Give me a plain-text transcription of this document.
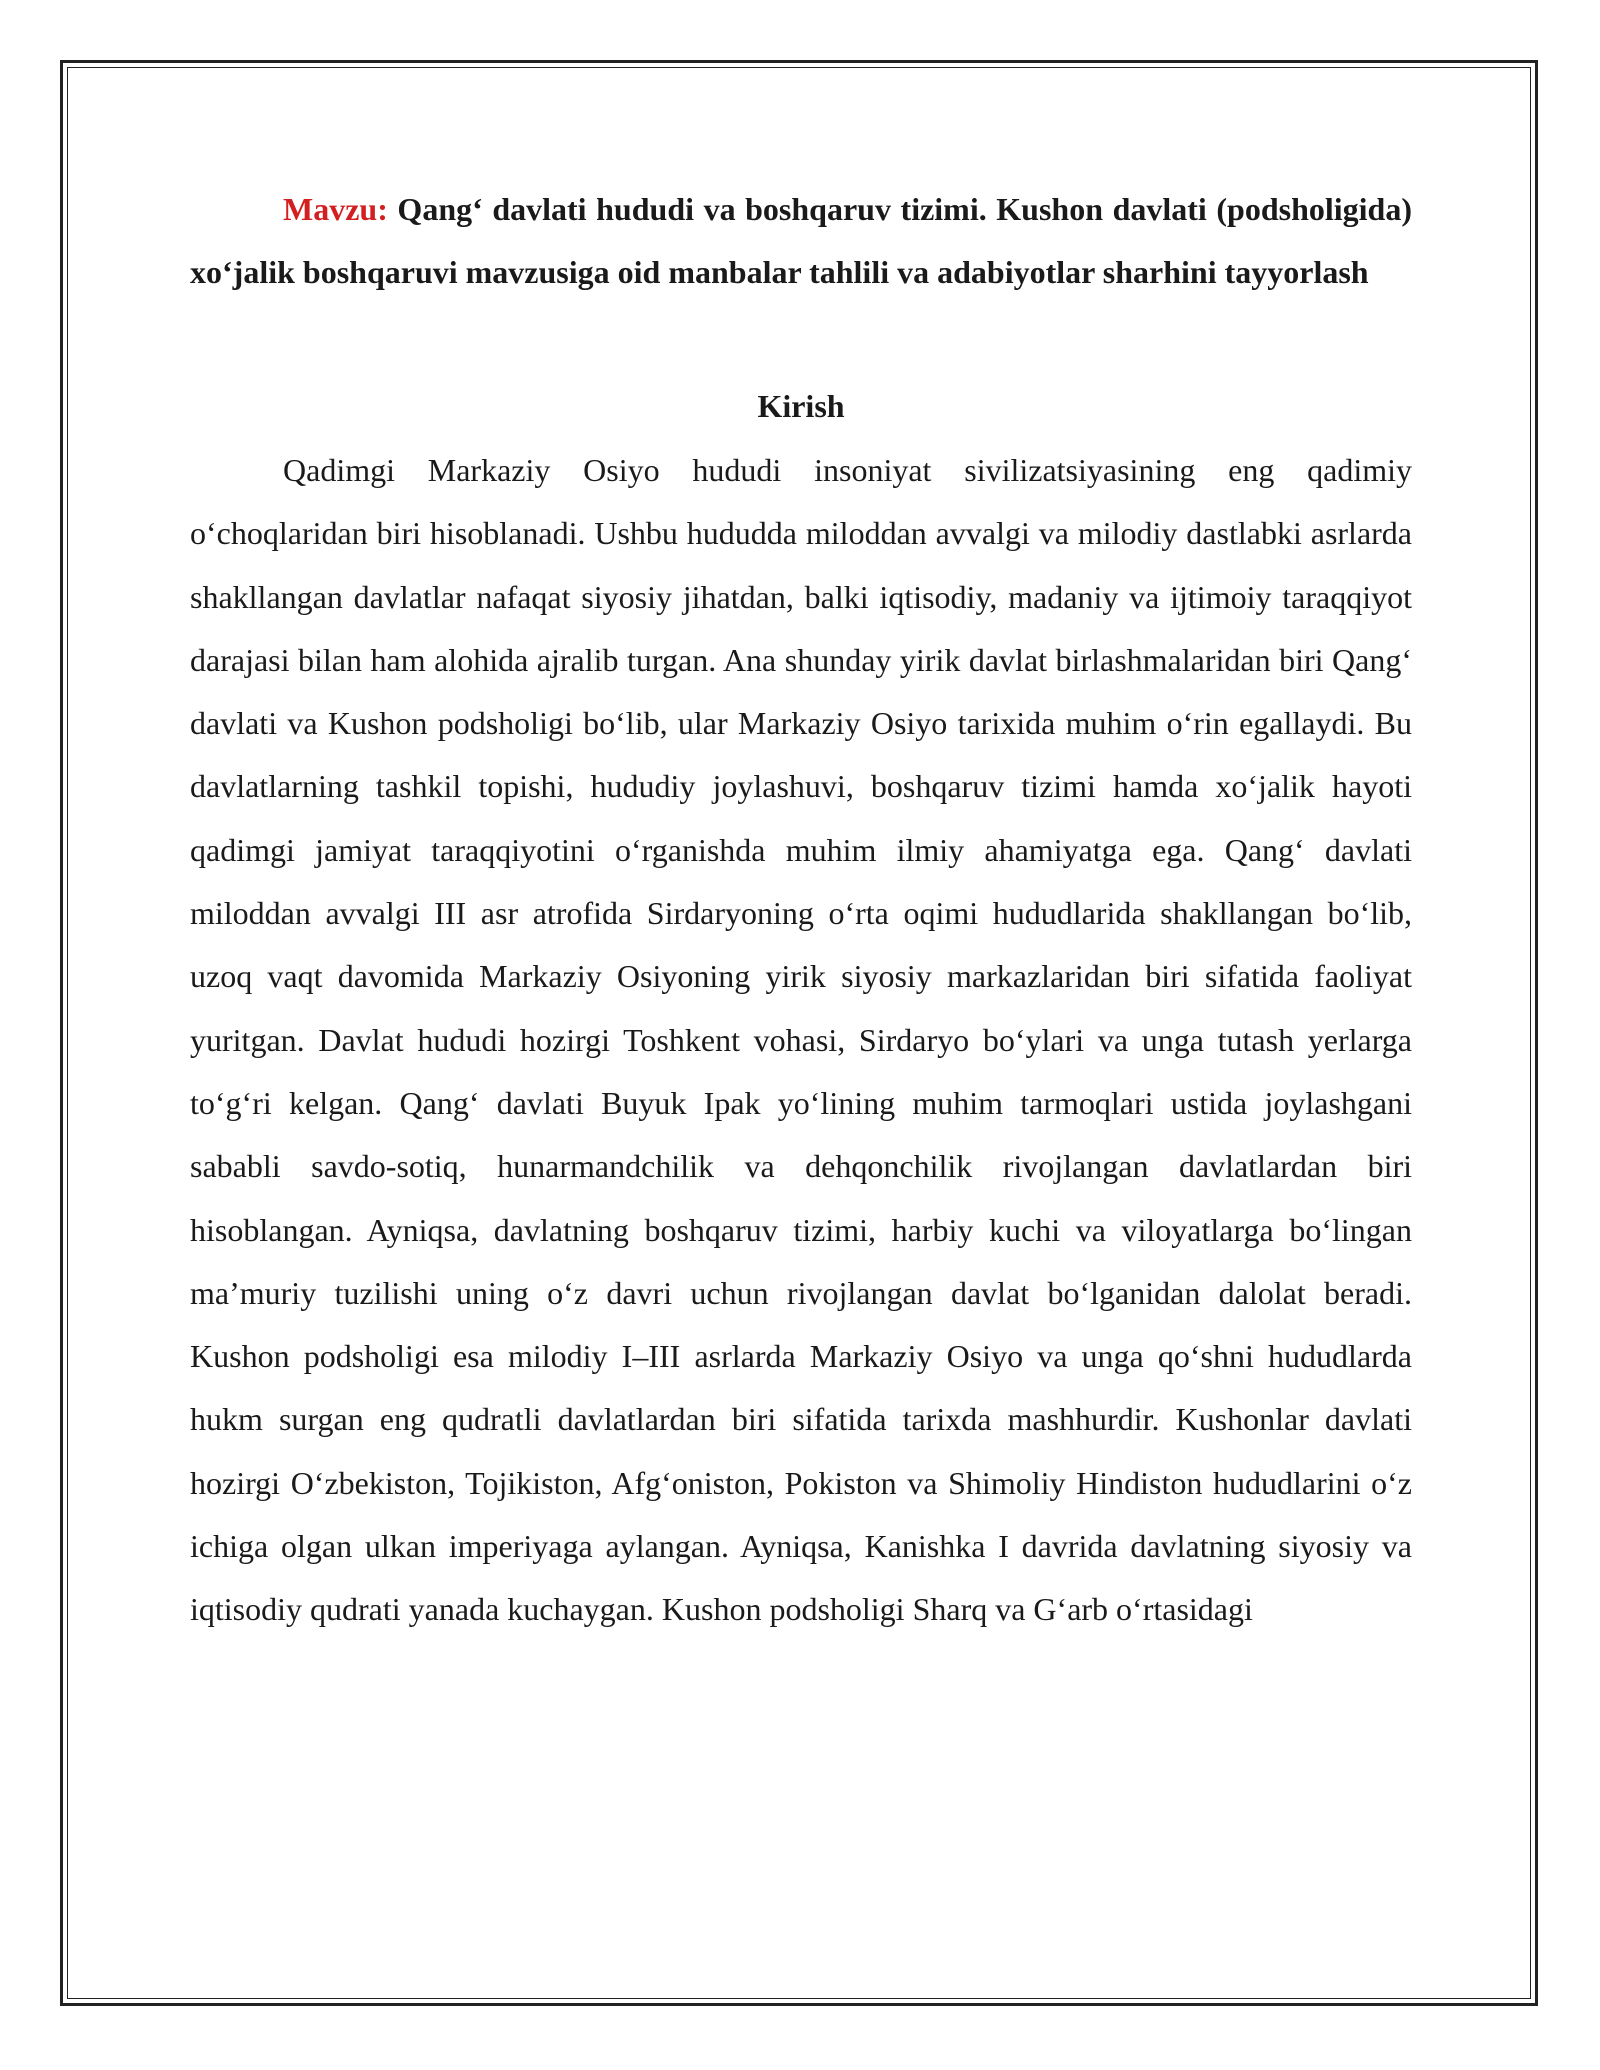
Mavzu: Qang‘ davlati hududi va boshqaruv tizimi. Kushon davlati (podsholigida) xo‘jalik boshqaruvi mavzusiga oid manbalar tahlili va adabiyotlar sharhini tayyorlash

Kirish

Qadimgi Markaziy Osiyo hududi insoniyat sivilizatsiyasining eng qadimiy o‘choqlaridan biri hisoblanadi. Ushbu hududda miloddan avvalgi va milodiy dastlabki asrlarda shakllangan davlatlar nafaqat siyosiy jihatdan, balki iqtisodiy, madaniy va ijtimoiy taraqqiyot darajasi bilan ham alohida ajralib turgan. Ana shunday yirik davlat birlashmalaridan biri Qang‘ davlati va Kushon podsholigi bo‘lib, ular Markaziy Osiyo tarixida muhim o‘rin egallaydi. Bu davlatlarning tashkil topishi, hududiy joylashuvi, boshqaruv tizimi hamda xo‘jalik hayoti qadimgi jamiyat taraqqiyotini o‘rganishda muhim ilmiy ahamiyatga ega. Qang‘ davlati miloddan avvalgi III asr atrofida Sirdaryoning o‘rta oqimi hududlarida shakllangan bo‘lib, uzoq vaqt davomida Markaziy Osiyoning yirik siyosiy markazlaridan biri sifatida faoliyat yuritgan. Davlat hududi hozirgi Toshkent vohasi, Sirdaryo bo‘ylari va unga tutash yerlarga to‘g‘ri kelgan. Qang‘ davlati Buyuk Ipak yo‘lining muhim tarmoqlari ustida joylashgani sababli savdo-sotiq, hunarmandchilik va dehqonchilik rivojlangan davlatlardan biri hisoblangan. Ayniqsa, davlatning boshqaruv tizimi, harbiy kuchi va viloyatlarga bo‘lingan ma’muriy tuzilishi uning o‘z davri uchun rivojlangan davlat bo‘lganidan dalolat beradi. Kushon podsholigi esa milodiy I–III asrlarda Markaziy Osiyo va unga qo‘shni hududlarda hukm surgan eng qudratli davlatlardan biri sifatida tarixda mashhurdir. Kushonlar davlati hozirgi O‘zbekiston, Tojikiston, Afg‘oniston, Pokiston va Shimoliy Hindiston hududlarini o‘z ichiga olgan ulkan imperiyaga aylangan. Ayniqsa, Kanishka I davrida davlatning siyosiy va iqtisodiy qudrati yanada kuchaygan. Kushon podsholigi Sharq va G‘arb o‘rtasidagi
